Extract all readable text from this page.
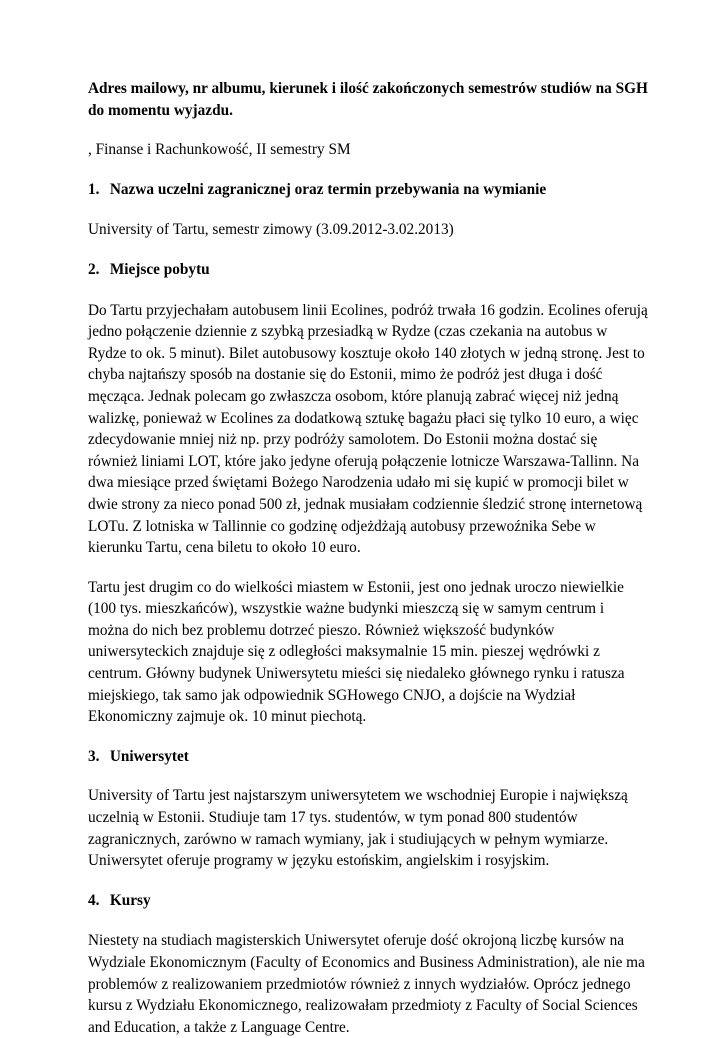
Adres mailowy, nr albumu, kierunek i ilość zakończonych semestrów studiów na SGH do momentu wyjazdu.

, Finanse i Rachunkowość, II semestry SM

1. Nazwa uczelni zagranicznej oraz termin przebywania na wymianie

University of Tartu, semestr zimowy (3.09.2012-3.02.2013)

2. Miejsce pobytu

Do Tartu przyjechałam autobusem linii Ecolines, podróż trwała 16 godzin. Ecolines oferują jedno połączenie dziennie z szybką przesiadką w Rydze (czas czekania na autobus w Rydze to ok. 5 minut). Bilet autobusowy kosztuje około 140 złotych w jedną stronę. Jest to chyba najtańszy sposób na dostanie się do Estonii, mimo że podróż jest długa i dość męcząca. Jednak polecam go zwłaszcza osobom, które planują zabrać więcej niż jedną walizkę, ponieważ w Ecolines za dodatkową sztukę bagażu płaci się tylko 10 euro, a więc zdecydowanie mniej niż np. przy podróży samolotem. Do Estonii można dostać się również liniami LOT, które jako jedyne oferują połączenie lotnicze Warszawa-Tallinn. Na dwa miesiące przed świętami Bożego Narodzenia udało mi się kupić w promocji bilet w dwie strony za nieco ponad 500 zł, jednak musiałam codziennie śledzić stronę internetową LOTu. Z lotniska w Tallinnie co godzinę odjeżdżają autobusy przewoźnika Sebe w kierunku Tartu, cena biletu to około 10 euro.

Tartu jest drugim co do wielkości miastem w Estonii, jest ono jednak uroczo niewielkie (100 tys. mieszkańców), wszystkie ważne budynki mieszczą się w samym centrum i można do nich bez problemu dotrzeć pieszo. Również większość budynków uniwersyteckich znajduje się z odległości maksymalnie 15 min. pieszej wędrówki z centrum. Główny budynek Uniwersytetu mieści się niedaleko głównego rynku i ratusza miejskiego, tak samo jak odpowiednik SGHowego CNJO, a dojście na Wydział Ekonomiczny zajmuje ok. 10 minut piechotą.

3. Uniwersytet

University of Tartu jest najstarszym uniwersytetem we wschodniej Europie i największą uczelnią w Estonii. Studiuje tam 17 tys. studentów, w tym ponad 800 studentów zagranicznych, zarówno w ramach wymiany, jak i studiujących w pełnym wymiarze. Uniwersytet oferuje programy w języku estońskim, angielskim i rosyjskim.

4. Kursy

Niestety na studiach magisterskich Uniwersytet oferuje dość okrojoną liczbę kursów na Wydziale Ekonomicznym (Faculty of Economics and Business Administration), ale nie ma problemów z realizowaniem przedmiotów również z innych wydziałów. Oprócz jednego kursu z Wydziału Ekonomicznego, realizowałam przedmioty z Faculty of Social Sciences and Education, a także z Language Centre.
